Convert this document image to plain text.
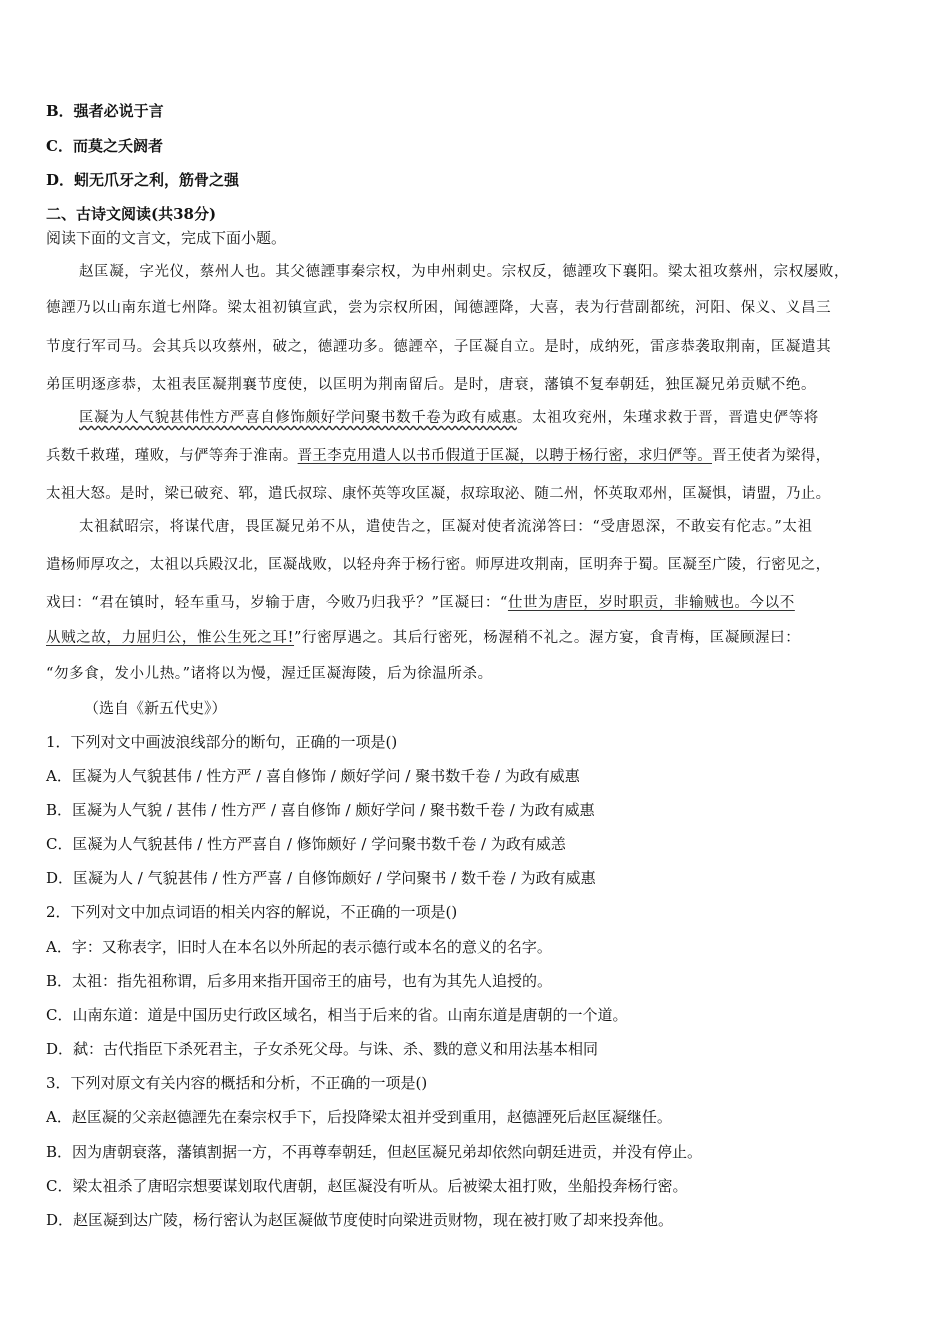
B．强者必说于言
C．而莫之夭阏者
D．蚓无爪牙之利，筋骨之强
二、古诗文阅读(共38分)
阅读下面的文言文，完成下面小题。
赵匡凝，字光仪，蔡州人也。其父德諲事秦宗权，为申州刺史。宗权反，德諲攻下襄阳。梁太祖攻蔡州，宗权屡败，
德諲乃以山南东道七州降。梁太祖初镇宣武，尝为宗权所困，闻德諲降，大喜，表为行营副都统，河阳、保义、义昌三
节度行军司马。会其兵以攻蔡州，破之，德諲功多。德諲卒，子匡凝自立。是时，成纳死，雷彦恭袭取荆南，匡凝遣其
弟匡明逐彦恭，太祖表匡凝荆襄节度使，以匡明为荆南留后。是时，唐衰，藩镇不复奉朝廷，独匡凝兄弟贡赋不绝。
匡凝为人气貌甚伟性方严喜自修饰颇好学问聚书数千卷为政有威惠。太祖攻兖州，朱瑾求救于晋，晋遣史俨等将
兵数千救瑾，瑾败，与俨等奔于淮南。晋王李克用遣人以书币假道于匡凝，以聘于杨行密，求归俨等。晋王使者为梁得，
太祖大怒。是时，梁已破兖、郓，遣氏叔琮、康怀英等攻匡凝，叔琮取泌、随二州，怀英取邓州，匡凝惧，请盟，乃止。
太祖弑昭宗，将谋代唐，畏匡凝兄弟不从，遣使告之，匡凝对使者流涕答曰：“受唐恩深，不敢妄有佗志。”太祖
遣杨师厚攻之，太祖以兵殿汉北，匡凝战败，以轻舟奔于杨行密。师厚进攻荆南，匡明奔于蜀。匡凝至广陵，行密见之，
戏曰：“君在镇时，轻车重马，岁输于唐，今败乃归我乎？”匡凝曰：“仕世为唐臣，岁时职贡，非输贼也。今以不
从贼之故，力屈归公，惟公生死之耳!”行密厚遇之。其后行密死，杨渥稍不礼之。渥方宴，食青梅，匡凝顾渥曰：
“勿多食，发小儿热。”诸将以为慢，渥迁匡凝海陵，后为徐温所杀。
（选自《新五代史》）
1．下列对文中画波浪线部分的断句，正确的一项是()
A．匡凝为人气貌甚伟 / 性方严 / 喜自修饰 / 颇好学问 / 聚书数千卷 / 为政有威惠
B．匡凝为人气貌 / 甚伟 / 性方严 / 喜自修饰 / 颇好学问 / 聚书数千卷 / 为政有威惠
C．匡凝为人气貌甚伟 / 性方严喜自 / 修饰颇好 / 学问聚书数千卷 / 为政有威恙
D．匡凝为人 / 气貌甚伟 / 性方严喜 / 自修饰颇好 / 学问聚书 / 数千卷 / 为政有威惠
2．下列对文中加点词语的相关内容的解说，不正确的一项是()
A．字：又称表字，旧时人在本名以外所起的表示德行或本名的意义的名字。
B．太祖：指先祖称谓，后多用来指开国帝王的庙号，也有为其先人追授的。
C．山南东道：道是中国历史行政区域名，相当于后来的省。山南东道是唐朝的一个道。
D．弑：古代指臣下杀死君主，子女杀死父母。与诛、杀、戮的意义和用法基本相同
3．下列对原文有关内容的概括和分析，不正确的一项是()
A．赵匡凝的父亲赵德諲先在秦宗权手下，后投降梁太祖并受到重用，赵德諲死后赵匡凝继任。
B．因为唐朝衰落，藩镇割据一方，不再尊奉朝廷，但赵匡凝兄弟却依然向朝廷进贡，并没有停止。
C．梁太祖杀了唐昭宗想要谋划取代唐朝，赵匡凝没有听从。后被梁太祖打败，坐船投奔杨行密。
D．赵匡凝到达广陵，杨行密认为赵匡凝做节度使时向梁进贡财物，现在被打败了却来投奔他。
